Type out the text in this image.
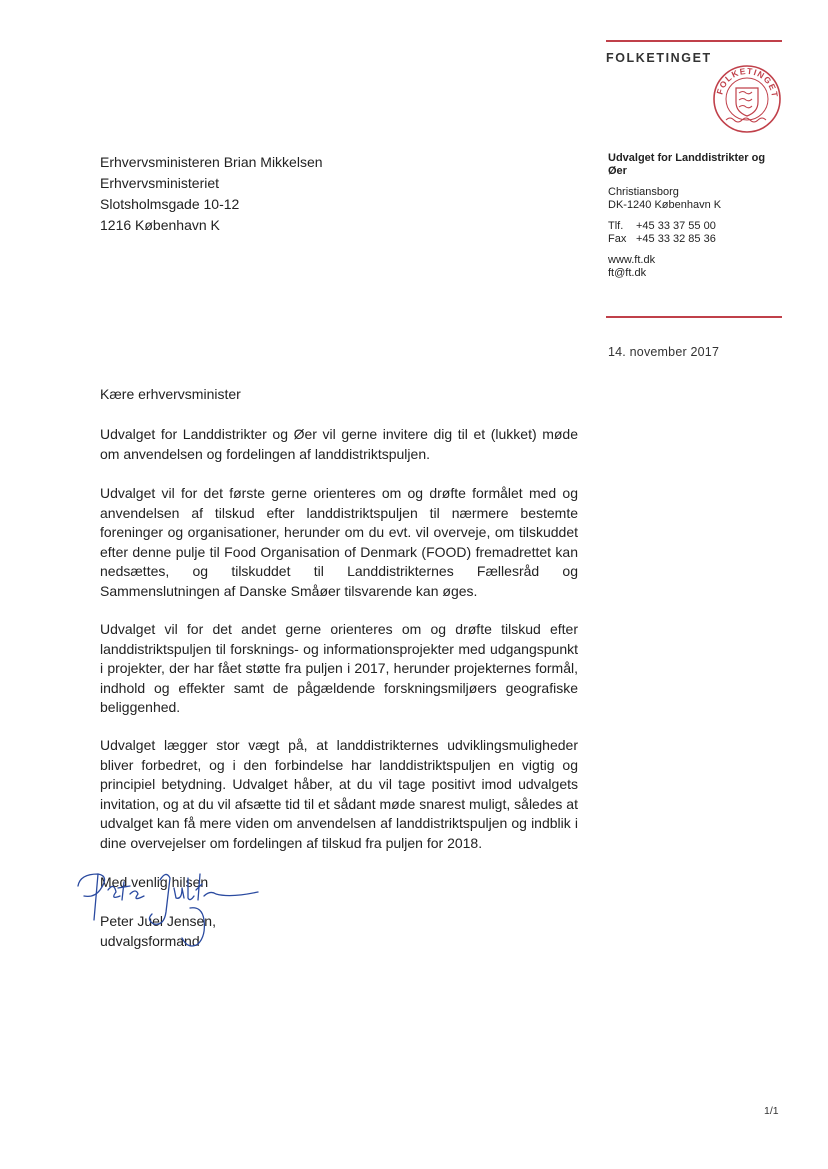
FOLKETINGET
FOLKETINGET
Erhvervsministeren Brian Mikkelsen
Erhvervsministeriet
Slotsholmsgade 10-12
1216 København K
Udvalget for Landdistrikter og Øer
Christiansborg
DK-1240 København K
Tlf. +45 33 37 55 00
Fax +45 33 32 85 36
www.ft.dk
ft@ft.dk
14. november 2017
Kære erhvervsminister
Udvalget for Landdistrikter og Øer vil gerne invitere dig til et (lukket) møde om anvendelsen og fordelingen af landdistriktspuljen.
Udvalget vil for det første gerne orienteres om og drøfte formålet med og anvendelsen af tilskud efter landdistriktspuljen til nærmere bestemte foreninger og organisationer, herunder om du evt. vil overveje, om tilskuddet efter denne pulje til Food Organisation of Denmark (FOOD) fremadrettet kan nedsættes, og tilskuddet til Landdistrikternes Fællesråd og Sammenslutningen af Danske Småøer tilsvarende kan øges.
Udvalget vil for det andet gerne orienteres om og drøfte tilskud efter landdistriktspuljen til forsknings- og informationsprojekter med udgangspunkt i projekter, der har fået støtte fra puljen i 2017, herunder projekternes formål, indhold og effekter samt de pågældende forskningsmiljøers geografiske beliggenhed.
Udvalget lægger stor vægt på, at landdistrikternes udviklingsmuligheder bliver forbedret, og i den forbindelse har landdistriktspuljen en vigtig og principiel betydning. Udvalget håber, at du vil tage positivt imod udvalgets invitation, og at du vil afsætte tid til et sådant møde snarest muligt, således at udvalget kan få mere viden om anvendelsen af landdistriktspuljen og indblik i dine overvejelser om fordelingen af tilskud fra puljen for 2018.
Med venlig hilsen
Peter Juel Jensen,
udvalgsformand
1/1
